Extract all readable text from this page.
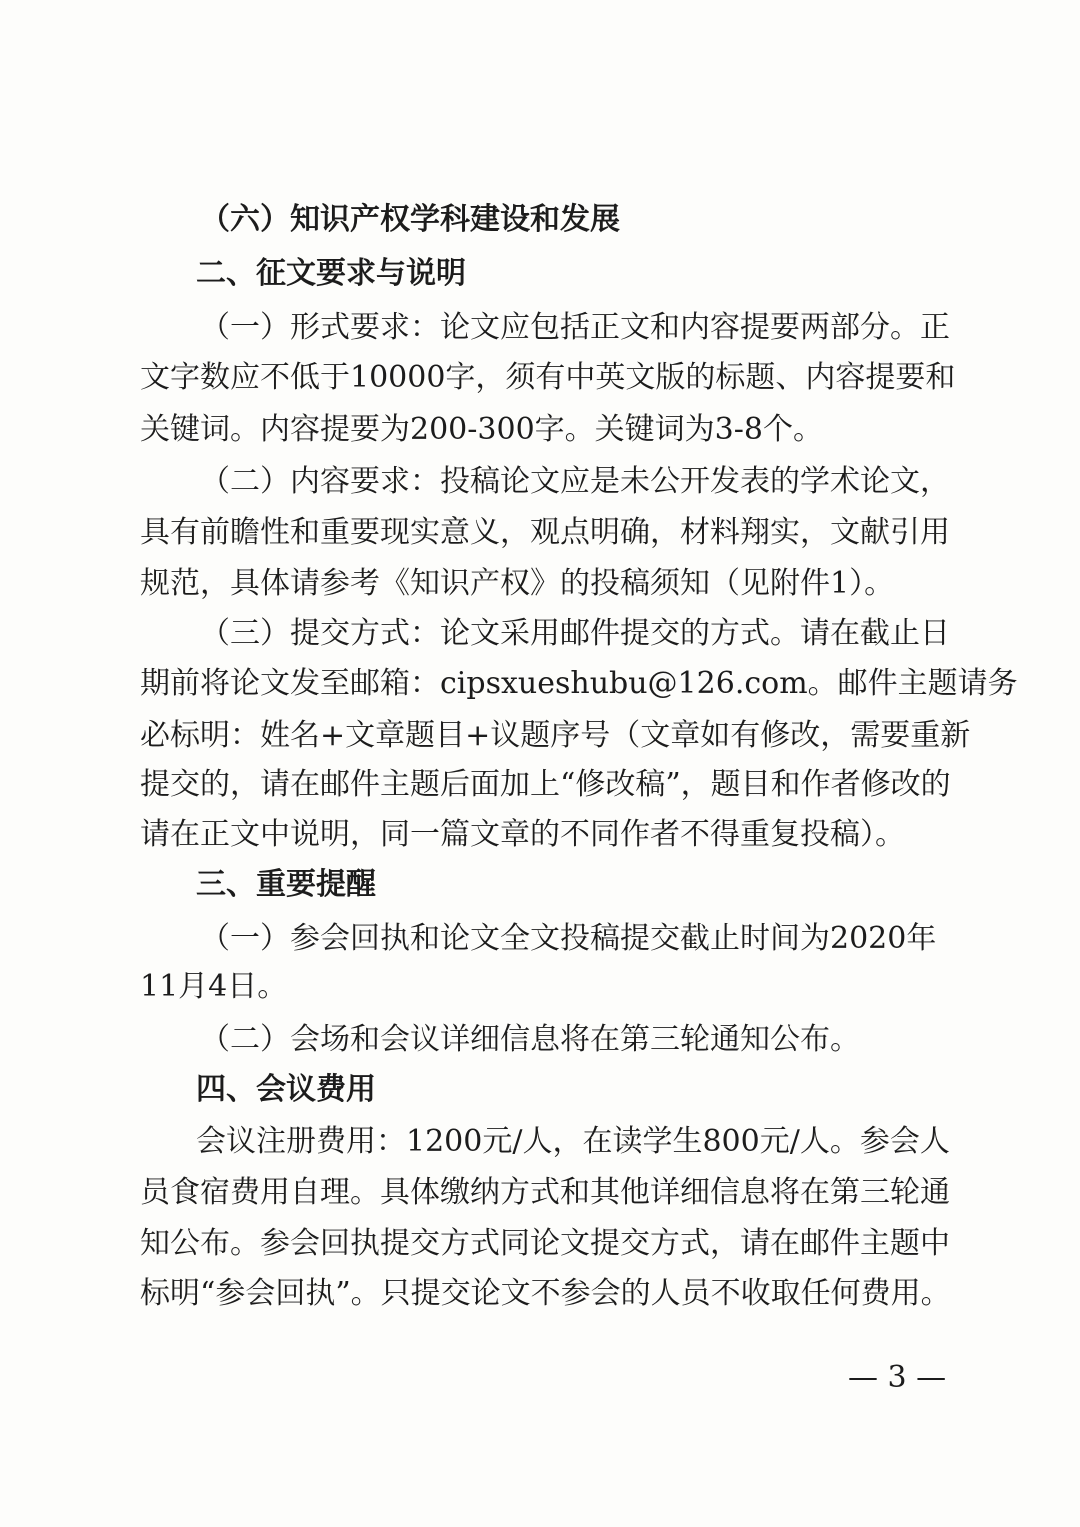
（六）知识产权学科建设和发展
二、征文要求与说明
（一）形式要求：论文应包括正文和内容提要两部分。正
文字数应不低于10000字，须有中英文版的标题、内容提要和
关键词。内容提要为200-300字。关键词为3-8个。
（二）内容要求：投稿论文应是未公开发表的学术论文，
具有前瞻性和重要现实意义，观点明确，材料翔实，文献引用
规范，具体请参考《知识产权》的投稿须知（见附件1）。
（三）提交方式：论文采用邮件提交的方式。请在截止日
期前将论文发至邮箱：cipsxueshubu@126.com。邮件主题请务
必标明：姓名+文章题目+议题序号（文章如有修改，需要重新
提交的，请在邮件主题后面加上“修改稿”，题目和作者修改的
请在正文中说明，同一篇文章的不同作者不得重复投稿）。
三、重要提醒
（一）参会回执和论文全文投稿提交截止时间为2020年
11月4日。
（二）会场和会议详细信息将在第三轮通知公布。
四、会议费用
会议注册费用：1200元/人，在读学生800元/人。参会人
员食宿费用自理。具体缴纳方式和其他详细信息将在第三轮通
知公布。参会回执提交方式同论文提交方式，请在邮件主题中
标明“参会回执”。只提交论文不参会的人员不收取任何费用。
— 3 —
